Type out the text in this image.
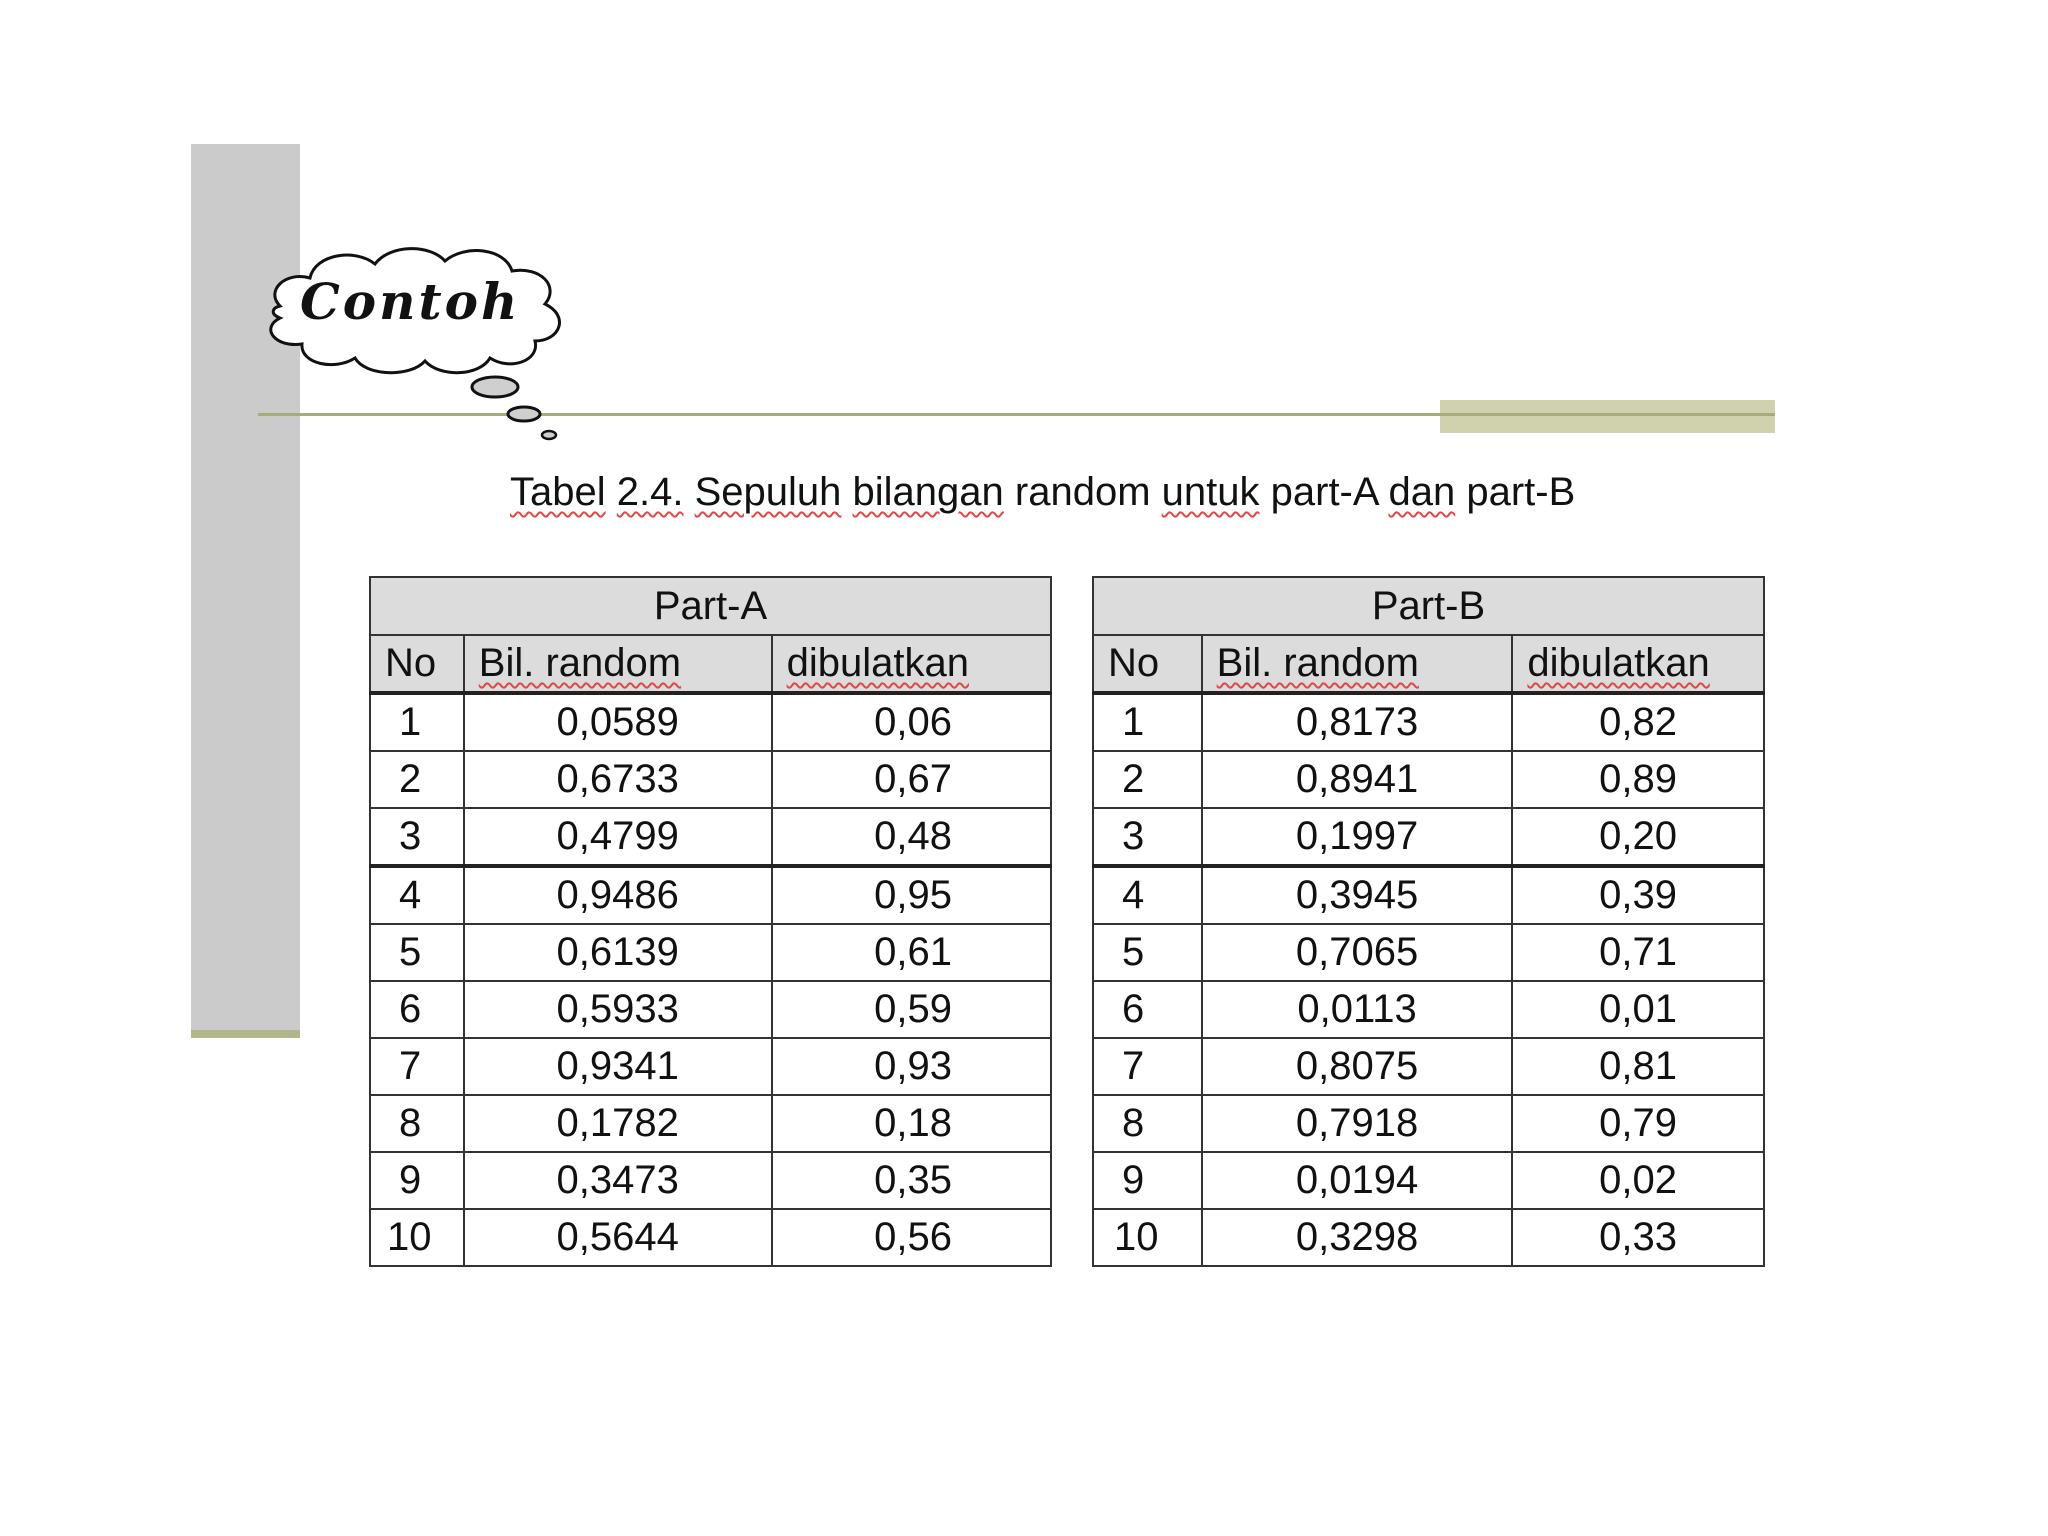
Contoh
Tabel 2.4. Sepuluh bilangan random untuk part-A dan part-B
Part-A		
No	Bil. random	dibulatkan
1	0,0589	0,06
2	0,6733	0,67
3	0,4799	0,48
4	0,9486	0,95
5	0,6139	0,61
6	0,5933	0,59
7	0,9341	0,93
8	0,1782	0,18
9	0,3473	0,35
10	0,5644	0,56
Part-B		
No	Bil. random	dibulatkan
1	0,8173	0,82
2	0,8941	0,89
3	0,1997	0,20
4	0,3945	0,39
5	0,7065	0,71
6	0,0113	0,01
7	0,8075	0,81
8	0,7918	0,79
9	0,0194	0,02
10	0,3298	0,33
